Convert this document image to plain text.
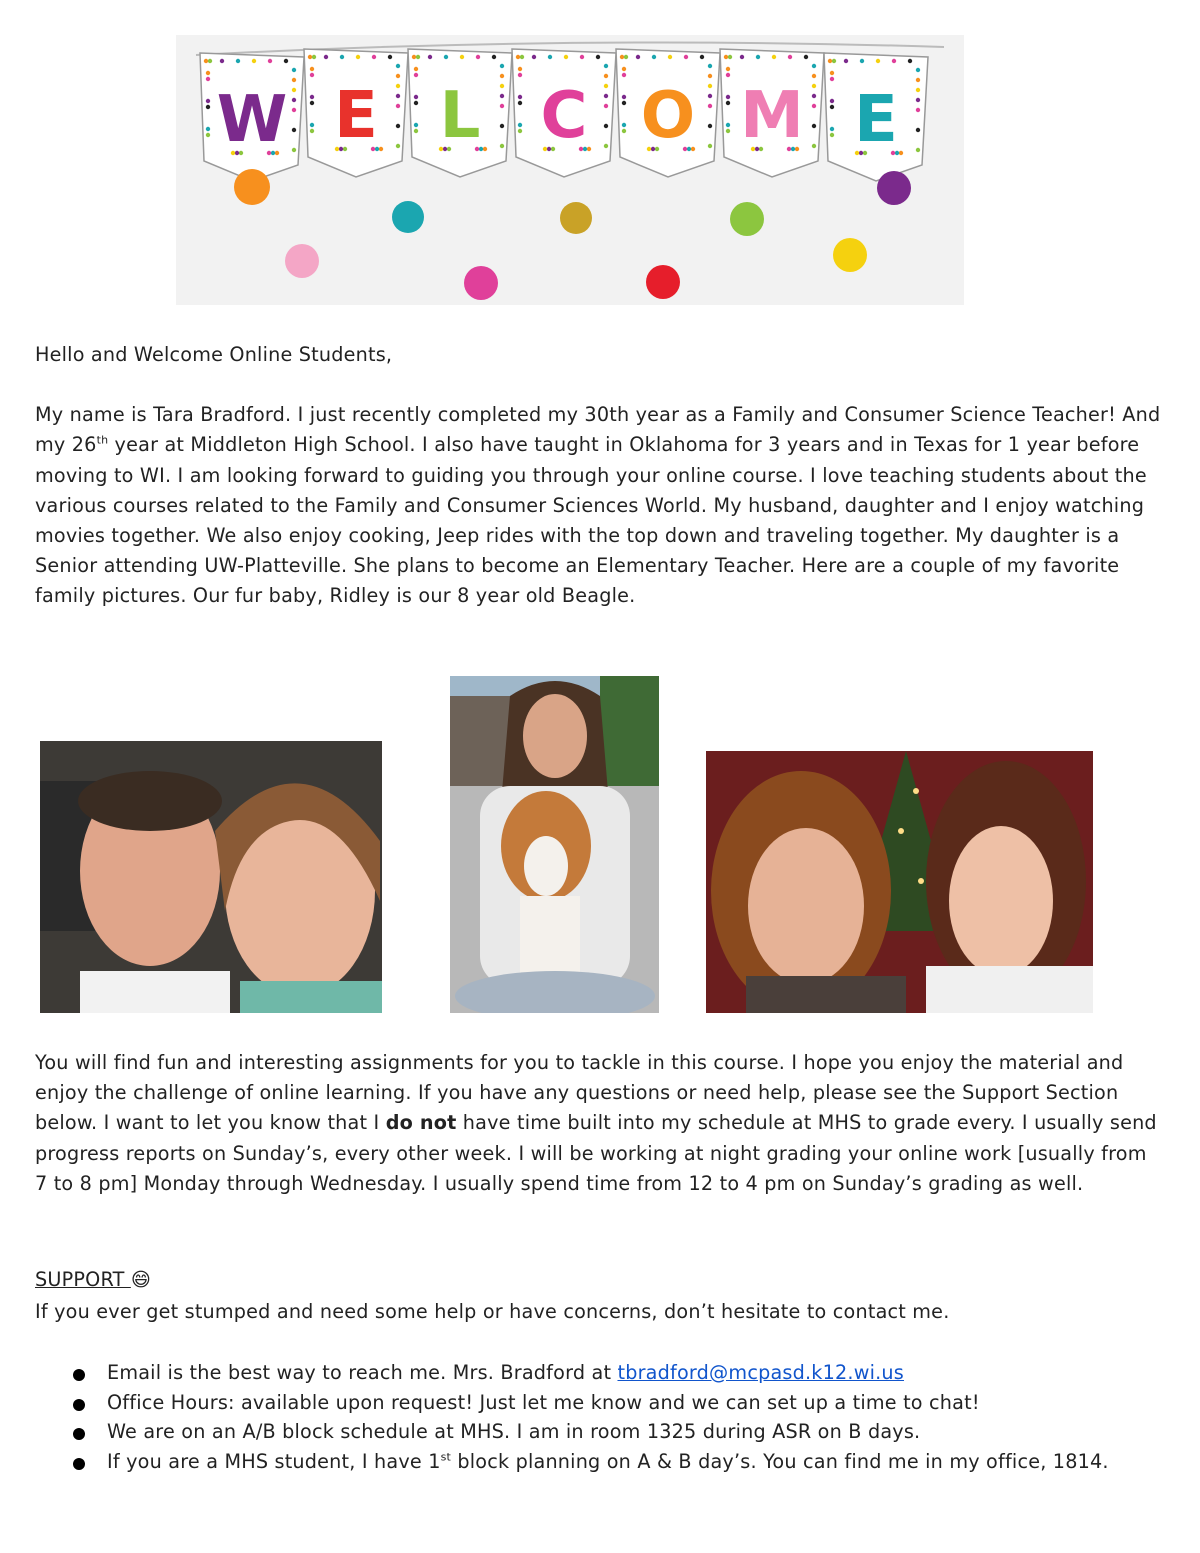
W E L C O M E

Hello and Welcome Online Students,

My name is Tara Bradford. I just recently completed my 30th year as a Family and Consumer Science Teacher! And my 26th year at Middleton High School. I also have taught in Oklahoma for 3 years and in Texas for 1 year before moving to WI. I am looking forward to guiding you through your online course. I love teaching students about the various courses related to the Family and Consumer Sciences World. My husband, daughter and I enjoy watching movies together. We also enjoy cooking, Jeep rides with the top down and traveling together. My daughter is a Senior attending UW-Platteville. She plans to become an Elementary Teacher. Here are a couple of my favorite family pictures. Our fur baby, Ridley is our 8 year old Beagle.

You will find fun and interesting assignments for you to tackle in this course. I hope you enjoy the material and enjoy the challenge of online learning. If you have any questions or need help, please see the Support Section below. I want to let you know that I do not have time built into my schedule at MHS to grade every. I usually send progress reports on Sunday’s, every other week. I will be working at night grading your online work [usually from 7 to 8 pm] Monday through Wednesday. I usually spend time from 12 to 4 pm on Sunday’s grading as well.

SUPPORT 😄

If you ever get stumped and need some help or have concerns, don’t hesitate to contact me.

Email is the best way to reach me. Mrs. Bradford at tbradford@mcpasd.k12.wi.us
Office Hours: available upon request! Just let me know and we can set up a time to chat!
We are on an A/B block schedule at MHS. I am in room 1325 during ASR on B days.
If you are a MHS student, I have 1st block planning on A & B day’s. You can find me in my office, 1814.
